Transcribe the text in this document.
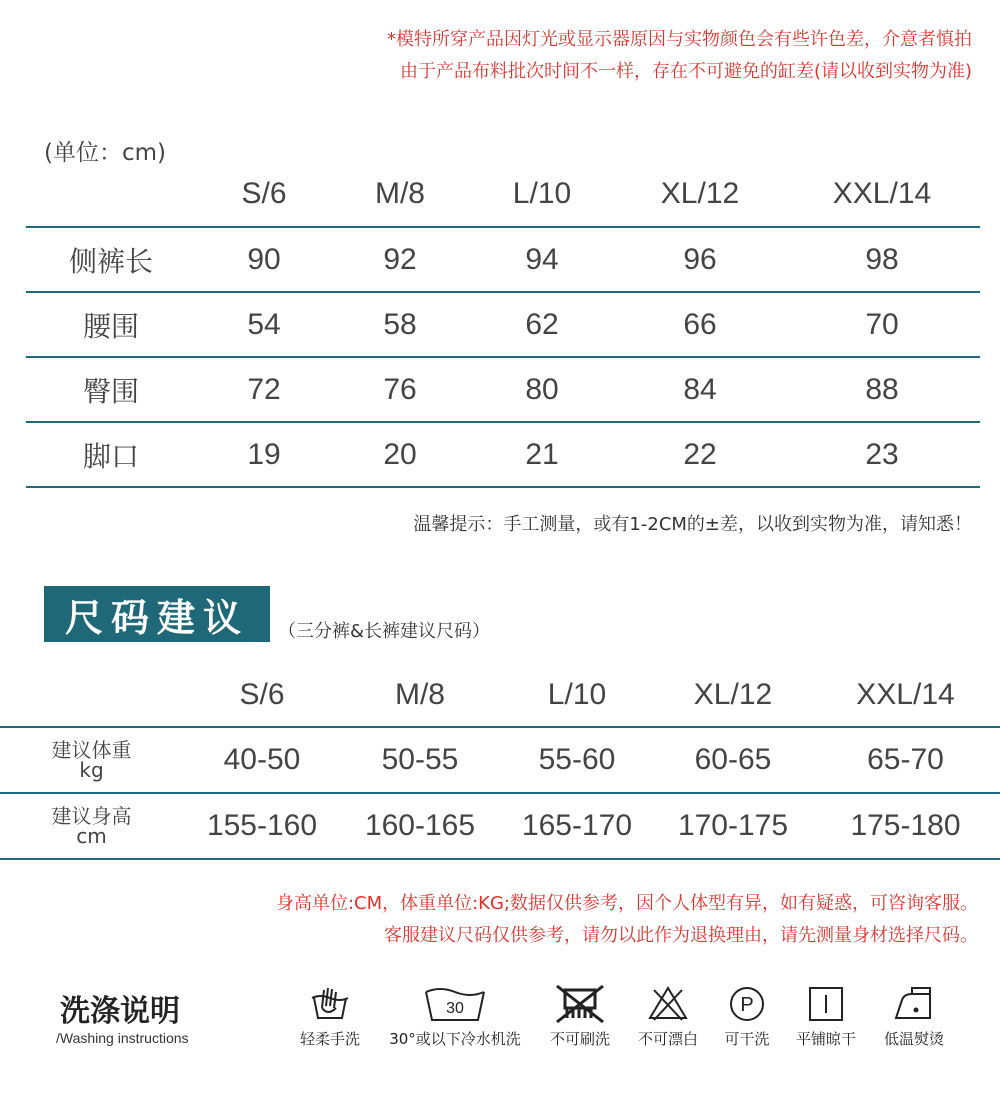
*模特所穿产品因灯光或显示器原因与实物颜色会有些许色差，介意者慎拍
由于产品布料批次时间不一样，存在不可避免的缸差(请以收到实物为准)
(单位：cm)
	S/6	M/8	L/10	XL/12	XXL/14
侧裤长	90	92	94	96	98
腰围	54	58	62	66	70
臀围	72	76	80	84	88
脚口	19	20	21	22	23
温馨提示：手工测量，或有1-2CM的±差，以收到实物为准，请知悉！
尺码建议	（三分裤&长裤建议尺码）
	S/6	M/8	L/10	XL/12	XXL/14

建议体重
kg	40-50	50-55	55-60	60-65	65-70

建议身高
cm	155-160	160-165	165-170	170-175	175-180
身高单位:CM，体重单位:KG;数据仅供参考，因个人体型有异，如有疑惑，可咨询客服。
客服建议尺码仅供参考，请勿以此作为退换理由，请先测量身材选择尺码。
洗涤说明
/Washing instructions	轻柔手洗
30
30°或以下冷水机洗	不可刷洗	不可漂白
P
可干洗	平铺晾干	低温熨烫
